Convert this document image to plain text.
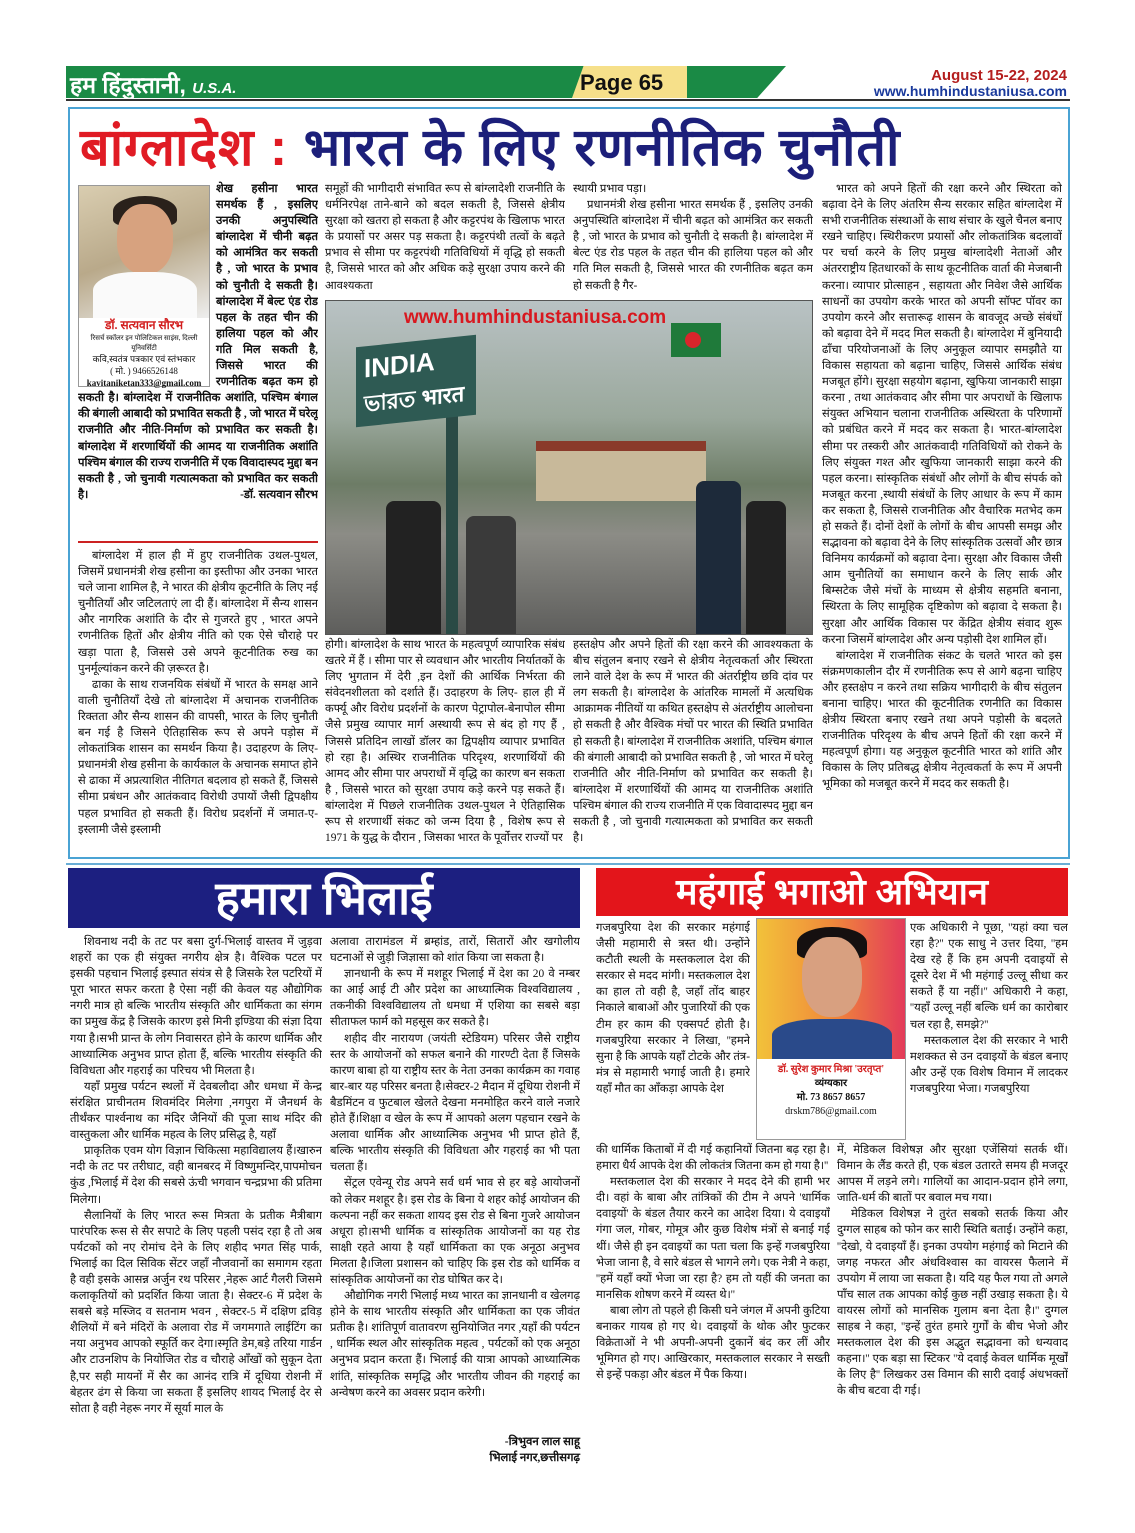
हम हिंदुस्तानी, U.S.A.	Page 65	August 15-22, 2024
www.humhindustaniusa.com
बांग्लादेश : भारत के लिए रणनीतिक चुनौती
डॉ. सत्यवान सौरभ
रिसर्च स्कॉलर इन पोलिटिकल साइंस, दिल्ली यूनिवर्सिटी
कवि,स्वतंत्र पत्रकार एवं स्तंभकार
( मो. ) 9466526148
kavitaniketan333@gmail.com
शेख हसीना भारत समर्थक हैं , इसलिए उनकी अनुपस्थिति बांग्लादेश में चीनी बढ़त को आमंत्रित कर सकती है , जो भारत के प्रभाव को चुनौती दे सकती है। बांग्लादेश में बेल्ट एंड रोड पहल के तहत चीन की हालिया पहल को और गति मिल सकती है, जिससे भारत की रणनीतिक बढ़त कम हो सकती है। बांग्लादेश में राजनीतिक अशांति, पश्चिम बंगाल की बंगाली आबादी को प्रभावित सकती है , जो भारत में घरेलू राजनीति और नीति-निर्माण को प्रभावित कर सकती है। बांग्लादेश में शरणार्थियों की आमद या राजनीतिक अशांति पश्चिम बंगाल की राज्य राजनीति में एक विवादास्पद मुद्दा बन सकती है , जो चुनावी गत्यात्मकता को प्रभावित कर सकती है।	-डॉ. सत्यवान सौरभ

बांग्लादेश में हाल ही में हुए राजनीतिक उथल-पुथल, जिसमें प्रधानमंत्री शेख हसीना का इस्तीफा और उनका भारत चले जाना शामिल है, ने भारत की क्षेत्रीय कूटनीति के लिए नई चुनौतियाँ और जटिलताएं ला दी हैं। बांग्लादेश में सैन्य शासन और नागरिक अशांति के दौर से गुजरते हुए , भारत अपने रणनीतिक हितों और क्षेत्रीय नीति को एक ऐसे चौराहे पर खड़ा पाता है, जिससे उसे अपने कूटनीतिक रुख का पुनर्मूल्यांकन करने की ज़रूरत है।

ढाका के साथ राजनयिक संबंधों में भारत के समक्ष आने वाली चुनौतियाँ देखे तो बांग्लादेश में अचानक राजनीतिक रिक्तता और सैन्य शासन की वापसी, भारत के लिए चुनौती बन गई है जिसने ऐतिहासिक रूप से अपने पड़ोस में लोकतांत्रिक शासन का समर्थन किया है। उदाहरण के लिए-प्रधानमंत्री शेख हसीना के कार्यकाल के अचानक समाप्त होने से ढाका में अप्रत्याशित नीतिगत बदलाव हो सकते हैं, जिससे सीमा प्रबंधन और आतंकवाद विरोधी उपायों जैसी द्विपक्षीय पहल प्रभावित हो सकती हैं। विरोध प्रदर्शनों में जमात-ए-इस्लामी जैसे इस्लामी

समूहों की भागीदारी संभावित रूप से बांग्लादेशी राजनीति के धर्मनिरपेक्ष ताने-बाने को बदल सकती है, जिससे क्षेत्रीय सुरक्षा को खतरा हो सकता है और कट्टरपंथ के खिलाफ भारत के प्रयासों पर असर पड़ सकता है। कट्टरपंथी तत्वों के बढ़ते प्रभाव से सीमा पर कट्टरपंथी गतिविधियों में वृद्धि हो सकती है, जिससे भारत को और अधिक कड़े सुरक्षा उपाय करने की आवश्यकता
स्थायी प्रभाव पड़ा।

प्रधानमंत्री शेख हसीना भारत समर्थक हैं , इसलिए उनकी अनुपस्थिति बांग्लादेश में चीनी बढ़त को आमंत्रित कर सकती है , जो भारत के प्रभाव को चुनौती दे सकती है। बांग्लादेश में बेल्ट एंड रोड पहल के तहत चीन की हालिया पहल को और गति मिल सकती है, जिससे भारत की रणनीतिक बढ़त कम हो सकती है गैर-

INDIA
ভারত भारत
www.humhindustaniusa.com
होगी। बांग्लादेश के साथ भारत के महत्वपूर्ण व्यापारिक संबंध खतरे में हैं । सीमा पार से व्यवधान और भारतीय निर्यातकों के लिए भुगतान में देरी ,इन देशों की आर्थिक निर्भरता की संवेदनशीलता को दर्शाते हैं। उदाहरण के लिए- हाल ही में कर्फ्यू और विरोध प्रदर्शनों के कारण पेट्रापोल-बेनापोल सीमा जैसे प्रमुख व्यापार मार्ग अस्थायी रूप से बंद हो गए हैं , जिससे प्रतिदिन लाखों डॉलर का द्विपक्षीय व्यापार प्रभावित हो रहा है। अस्थिर राजनीतिक परिदृश्य, शरणार्थियों की आमद और सीमा पार अपराधों में वृद्धि का कारण बन सकता है , जिससे भारत को सुरक्षा उपाय कड़े करने पड़ सकते हैं। बांग्लादेश में पिछले राजनीतिक उथल-पुथल ने ऐतिहासिक रूप से शरणार्थी संकट को जन्म दिया है , विशेष रूप से 1971 के युद्ध के दौरान , जिसका भारत के पूर्वोत्तर राज्यों पर
हस्तक्षेप और अपने हितों की रक्षा करने की आवश्यकता के बीच संतुलन बनाए रखने से क्षेत्रीय नेतृत्वकर्ता और स्थिरता लाने वाले देश के रूप में भारत की अंतर्राष्ट्रीय छवि दांव पर लग सकती है। बांग्लादेश के आंतरिक मामलों में अत्यधिक आक्रामक नीतियों या कथित हस्तक्षेप से अंतर्राष्ट्रीय आलोचना हो सकती है और वैश्विक मंचों पर भारत की स्थिति प्रभावित हो सकती है। बांग्लादेश में राजनीतिक अशांति, पश्चिम बंगाल की बंगाली आबादी को प्रभावित सकती है , जो भारत में घरेलू राजनीति और नीति-निर्माण को प्रभावित कर सकती है। बांग्लादेश में शरणार्थियों की आमद या राजनीतिक अशांति पश्चिम बंगाल की राज्य राजनीति में एक विवादास्पद मुद्दा बन सकती है , जो चुनावी गत्यात्मकता को प्रभावित कर सकती है।

भारत को अपने हितों की रक्षा करने और स्थिरता को बढ़ावा देने के लिए अंतरिम सैन्य सरकार सहित बांग्लादेश में सभी राजनीतिक संस्थाओं के साथ संचार के खुले चैनल बनाए रखने चाहिए। स्थिरीकरण प्रयासों और लोकतांत्रिक बदलावों पर चर्चा करने के लिए प्रमुख बांग्लादेशी नेताओं और अंतरराष्ट्रीय हितधारकों के साथ कूटनीतिक वार्ता की मेजबानी करना। व्यापार प्रोत्साहन , सहायता और निवेश जैसे आर्थिक साधनों का उपयोग करके भारत को अपनी सॉफ्ट पॉवर का उपयोग करने और सत्तारूढ़ शासन के बावजूद अच्छे संबंधों को बढ़ावा देने में मदद मिल सकती है। बांग्लादेश में बुनियादी ढाँचा परियोजनाओं के लिए अनुकूल व्यापार समझौते या विकास सहायता को बढ़ाना चाहिए, जिससे आर्थिक संबंध मजबूत होंगे। सुरक्षा सहयोग बढ़ाना, खुफिया जानकारी साझा करना , तथा आतंकवाद और सीमा पार अपराधों के खिलाफ संयुक्त अभियान चलाना राजनीतिक अस्थिरता के परिणामों को प्रबंधित करने में मदद कर सकता है। भारत-बांग्लादेश सीमा पर तस्करी और आतंकवादी गतिविधियों को रोकने के लिए संयुक्त गश्त और खुफिया जानकारी साझा करने की पहल करना। सांस्कृतिक संबंधों और लोगों के बीच संपर्क को मजबूत करना ,स्थायी संबंधों के लिए आधार के रूप में काम कर सकता है, जिससे राजनीतिक और वैचारिक मतभेद कम हो सकते हैं। दोनों देशों के लोगों के बीच आपसी समझ और सद्भावना को बढ़ावा देने के लिए सांस्कृतिक उत्सवों और छात्र विनिमय कार्यक्रमों को बढ़ावा देना। सुरक्षा और विकास जैसी आम चुनौतियों का समाधान करने के लिए सार्क और बिम्सटेक जैसे मंचों के माध्यम से क्षेत्रीय सहमति बनाना, स्थिरता के लिए सामूहिक दृष्टिकोण को बढ़ावा दे सकता है। सुरक्षा और आर्थिक विकास पर केंद्रित क्षेत्रीय संवाद शुरू करना जिसमें बांग्लादेश और अन्य पड़ोसी देश शामिल हों।

बांग्लादेश में राजनीतिक संकट के चलते भारत को इस संक्रमणकालीन दौर में रणनीतिक रूप से आगे बढ़ना चाहिए और हस्तक्षेप न करने तथा सक्रिय भागीदारी के बीच संतुलन बनाना चाहिए। भारत की कूटनीतिक रणनीति का विकास क्षेत्रीय स्थिरता बनाए रखने तथा अपने पड़ोसी के बदलते राजनीतिक परिदृश्य के बीच अपने हितों की रक्षा करने में महत्वपूर्ण होगा। यह अनुकूल कूटनीति भारत को शांति और विकास के लिए प्रतिबद्ध क्षेत्रीय नेतृत्वकर्ता के रूप में अपनी भूमिका को मजबूत करने में मदद कर सकती है।

हमारा भिलाई

शिवनाथ नदी के तट पर बसा दुर्ग-भिलाई वास्तव में जुड़वा शहरों का एक ही संयुक्त नगरीय क्षेत्र है। वैश्विक पटल पर इसकी पहचान भिलाई इस्पात संयंत्र से है जिसके रेल पटरियों में पूरा भारत सफर करता है ऐसा नहीं की केवल यह औद्योगिक नगरी मात्र हो बल्कि भारतीय संस्कृति और धार्मिकता का संगम का प्रमुख केंद्र है जिसके कारण इसे मिनी इण्डिया की संज्ञा दिया गया है।सभी प्रान्त के लोग निवासरत होने के कारण धार्मिक और आध्यात्मिक अनुभव प्राप्त होता हैं, बल्कि भारतीय संस्कृति की विविधता और गहराई का परिचय भी मिलता है।

यहाँ प्रमुख पर्यटन स्थलों में देवबलौदा और धमधा में केन्द्र संरक्षित प्राचीनतम शिवमंदिर मिलेगा ,नगपुरा में जैनधर्म के तीर्थंकर पार्श्वनाथ का मंदिर जैनियों की पूजा साथ मंदिर की वास्तुकला और धार्मिक महत्व के लिए प्रसिद्ध है, यहाँ

प्राकृतिक एवम योग विज्ञान चिकित्सा महाविद्यालय हैं।खारुन नदी के तट पर तरीघाट, वही बानबरद में विष्णुमन्दिर,पापमोचन कुंड ,भिलाई में देश की सबसे ऊंची भगवान चन्द्रप्रभा की प्रतिमा मिलेगा।

सैलानियों के लिए भारत रूस मित्रता के प्रतीक मैत्रीबाग पारंपरिक रूस से सैर सपाटे के लिए पहली पसंद रहा है तो अब पर्यटकों को नए रोमांच देने के लिए शहीद भगत सिंह पार्क, भिलाई का दिल सिविक सेंटर जहाँ नौजवानों का समागम रहता है वही इसके आसन्न अर्जुन रथ परिसर ,नेहरू आर्ट गैलरी जिसमे कलाकृतियों को प्रदर्शित किया जाता है। सेक्टर-6 में प्रदेश के सबसे बड़े मस्जिद व सतनाम भवन , सेक्टर-5 में दक्षिण द्रविड़ शैलियों में बने मंदिरों के अलावा रोड में जगमगाते लाईटिंग का नया अनुभव आपको स्फूर्ति कर देगा।स्मृति डेम,बड़े तरिया गार्डन और टाउनशिप के नियोजित रोड व चौराहे आँखों को सुकून देता है,पर सही मायनों में सैर का आनंद रात्रि में दूधिया रोशनी में बेहतर ढंग से किया जा सकता हैं इसलिए शायद भिलाई देर से सोता है वही नेहरू नगर में सूर्या माल के

अलावा तारामंडल में ब्रम्हांड, तारों, सितारों और खगोलीय घटनाओं से जुड़ी जिज्ञासा को शांत किया जा सकता है।

ज्ञानधानी के रूप में मशहूर भिलाई में देश का 20 वे नम्बर का आई आई टी और प्रदेश का आध्यात्मिक विश्वविद्यालय , तकनीकी विश्वविद्यालय तो धमधा में एशिया का सबसे बड़ा सीताफल फार्म को महसूस कर सकते है।

शहीद वीर नारायण (जयंती स्टेडियम) परिसर जैसे राष्ट्रीय स्तर के आयोजनों को सफल बनाने की गारण्टी देता हैं जिसके कारण बाबा हो या राष्ट्रीय स्तर के नेता उनका कार्यक्रम का गवाह बार-बार यह परिसर बनता है।सेक्टर-2 मैदान में दूधिया रोशनी में बैडमिंटन व फुटबाल खेलते देखना मनमोहित करने वाले नजारे होते हैं।शिक्षा व खेल के रूप में आपको अलग पहचान रखने के अलावा धार्मिक और आध्यात्मिक अनुभव भी प्राप्त होते हैं, बल्कि भारतीय संस्कृति की विविधता और गहराई का भी पता चलता हैं।

सेंट्रल एवेन्यू रोड अपने सर्व धर्म भाव से हर बड़े आयोजनों को लेकर मशहूर है। इस रोड के बिना ये शहर कोई आयोजन की कल्पना नहीं कर सकता शायद इस रोड से बिना गुजरे आयोजन अधूरा हो।सभी धार्मिक व सांस्कृतिक आयोजनों का यह रोड साक्षी रहते आया है यहाँ धार्मिकता का एक अनूठा अनुभव मिलता है।जिला प्रशासन को चाहिए कि इस रोड को धार्मिक व सांस्कृतिक आयोजनों का रोड घोषित कर दे।

औद्योगिक नगरी भिलाई मध्य भारत का ज्ञानधानी व खेलगढ़ होने के साथ भारतीय संस्कृति और धार्मिकता का एक जीवंत प्रतीक है। शांतिपूर्ण वातावरण सुनियोजित नगर ,यहाँ की पर्यटन , धार्मिक स्थल और सांस्कृतिक महत्व , पर्यटकों को एक अनूठा अनुभव प्रदान करता हैं। भिलाई की यात्रा आपको आध्यात्मिक शांति, सांस्कृतिक समृद्धि और भारतीय जीवन की गहराई का अन्वेषण करने का अवसर प्रदान करेगी।

-त्रिभुवन लाल साहू
भिलाई नगर,छत्तीसगढ़
महंगाई भगाओ अभियान
गजबपुरिया देश की सरकार महंगाई जैसी महामारी से त्रस्त थी। उन्होंने कटौती स्थली के मस्तकलाल देश की सरकार से मदद मांगी। मस्तकलाल देश का हाल तो वही है, जहाँ तोंद बाहर निकाले बाबाओं और पुजारियों की एक टीम हर काम की एक्सपर्ट होती है। गजबपुरिया सरकार ने लिखा, ''हमने सुना है कि आपके यहाँ टोटके और तंत्र-मंत्र से महामारी भगाई जाती है। हमारे यहाँ मौत का आँकड़ा आपके देश
डॉ. सुरेश कुमार मिश्रा 'उरतृप्त'
व्यंग्यकार
मो. 73 8657 8657
drskm786@gmail.com
एक अधिकारी ने पूछा, ''यहां क्या चल रहा है?'' एक साधु ने उत्तर दिया, ''हम देख रहे हैं कि हम अपनी दवाइयों से दूसरे देश में भी महंगाई उल्लू सीधा कर सकते हैं या नहीं।'' अधिकारी ने कहा, ''यहाँ उल्लू नहीं बल्कि धर्म का कारोबार चल रहा है, समझे?''

मस्तकलाल देश की सरकार ने भारी मशक्कत से उन दवाइयों के बंडल बनाए और उन्हें एक विशेष विमान में लादकर गजबपुरिया भेजा। गजबपुरिया

की धार्मिक किताबों में दी गई कहानियों जितना बढ़ रहा है। हमारा धैर्य आपके देश की लोकतंत्र जितना कम हो गया है।''

मस्तकलाल देश की सरकार ने मदद देने की हामी भर दी। वहां के बाबा और तांत्रिकों की टीम ने अपने 'धार्मिक दवाइयों' के बंडल तैयार करने का आदेश दिया। ये दवाइयाँ गंगा जल, गोबर, गोमूत्र और कुछ विशेष मंत्रों से बनाई गई थीं। जैसे ही इन दवाइयों का पता चला कि इन्हें गजबपुरिया भेजा जाना है, वे सारे बंडल से भागने लगे। एक नेत्री ने कहा, ''हमें यहाँ क्यों भेजा जा रहा है? हम तो यहीं की जनता का मानसिक शोषण करने में व्यस्त थे।''

बाबा लोग तो पहले ही किसी घने जंगल में अपनी कुटिया बनाकर गायब हो गए थे। दवाइयों के थोक और फुटकर विक्रेताओं ने भी अपनी-अपनी दुकानें बंद कर लीं और भूमिगत हो गए। आखिरकार, मस्तकलाल सरकार ने सख्ती से इन्हें पकड़ा और बंडल में पैक किया।

में, मेडिकल विशेषज्ञ और सुरक्षा एजेंसियां सतर्क थीं। विमान के लैंड करते ही, एक बंडल उतारते समय ही मजदूर आपस में लड़ने लगे। गालियों का आदान-प्रदान होने लगा, जाति-धर्म की बातों पर बवाल मच गया।

मेडिकल विशेषज्ञ ने तुरंत सबको सतर्क किया और दुग्गल साहब को फोन कर सारी स्थिति बताई। उन्होंने कहा, ''देखो, ये दवाइयाँ हैं। इनका उपयोग महंगाई को मिटाने की जगह नफरत और अंधविश्वास का वायरस फैलाने में उपयोग में लाया जा सकता है। यदि यह फैल गया तो अगले पाँच साल तक आपका कोई कुछ नहीं उखाड़ सकता है। ये वायरस लोगों को मानसिक गुलाम बना देता है।'' दुग्गल साहब ने कहा, ''इन्हें तुरंत हमारे गुर्गों के बीच भेजो और मस्तकलाल देश की इस अद्भुत सद्भावना को धन्यवाद कहना।'' एक बड़ा सा स्टिकर ''ये दवाई केवल धार्मिक मूर्खों के लिए है'' लिखकर उस विमान की सारी दवाई अंधभक्तों के बीच बटवा दी गई।
